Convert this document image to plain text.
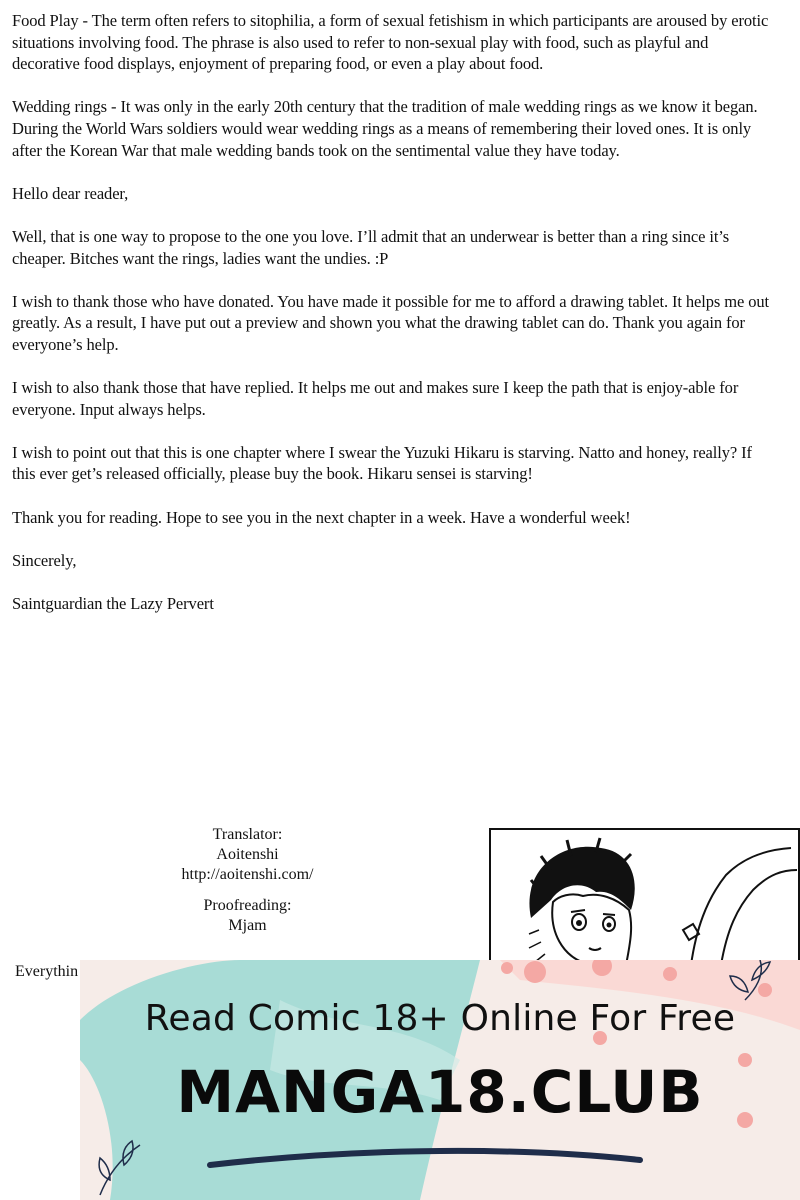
Food Play - The term often refers to sitophilia, a form of sexual fetishism in which participants are aroused by erotic situations involving food. The phrase is also used to refer to non-sexual play with food, such as playful and decorative food displays, enjoyment of preparing food, or even a play about food.

Wedding rings - It was only in the early 20th century that the tradition of male wedding rings as we know it began. During the World Wars soldiers would wear wedding rings as a means of remembering their loved ones. It is only after the Korean War that male wedding bands took on the sentimental value they have today.

Hello dear reader,

Well, that is one way to propose to the one you love. I’ll admit that an underwear is better than a ring since it’s cheaper. Bitches want the rings, ladies want the undies. :P

I wish to thank those who have donated. You have made it possible for me to afford a drawing tablet. It helps me out greatly. As a result, I have put out a preview and shown you what the drawing tablet can do. Thank you again for everyone’s help.

I wish to also thank those that have replied. It helps me out and makes sure I keep the path that is enjoy-able for everyone. Input always helps.

I wish to point out that this is one chapter where I swear the Yuzuki Hikaru is starving. Natto and honey, really? If this ever get’s released officially, please buy the book. Hikaru sensei is starving!

Thank you for reading. Hope to see you in the next chapter in a week. Have a wonderful week!

Sincerely,

Saintguardian the Lazy Pervert

Translator:
Aoitenshi
http://aoitenshi.com/
Proofreading:
Mjam
Everythin
Read Comic 18+ Online For Free
MANGA18.CLUB
